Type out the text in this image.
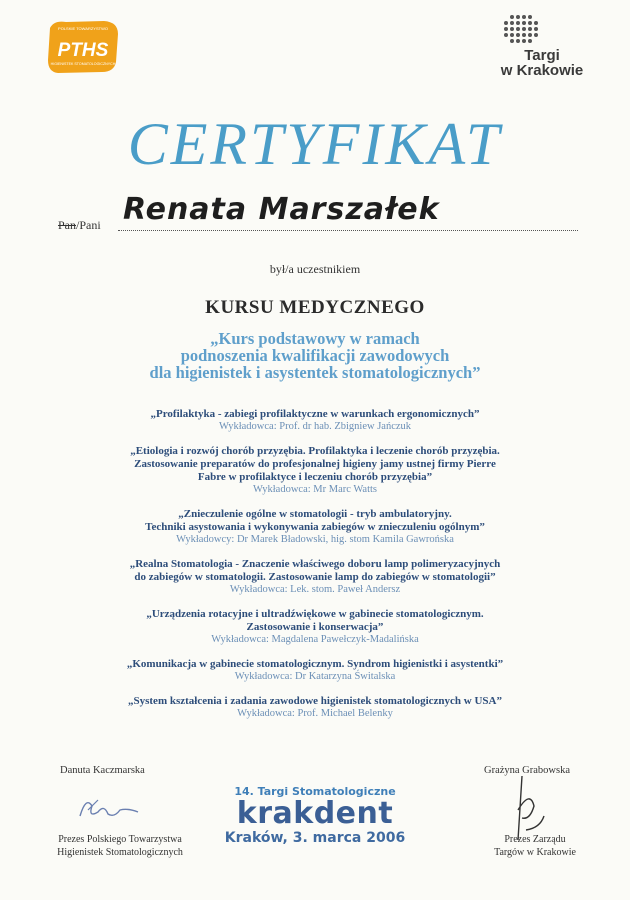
POLSKIE TOWARZYSTWO
PTHS
HIGIENISTEK STOMATOLOGICZNYCH	Targi
w Krakowie
CERTYFIKAT
Pan/Pani Renata Marszałek
był/a uczestnikiem
KURSU MEDYCZNEGO
„Kurs podstawowy w ramach
podnoszenia kwalifikacji zawodowych
dla higienistek i asystentek stomatologicznych”
„Profilaktyka - zabiegi profilaktyczne w warunkach ergonomicznych”
Wykładowca: Prof. dr hab. Zbigniew Jańczuk
„Etiologia i rozwój chorób przyzębia. Profilaktyka i leczenie chorób przyzębia.
Zastosowanie preparatów do profesjonalnej higieny jamy ustnej firmy Pierre
Fabre w profilaktyce i leczeniu chorób przyzębia”
Wykładowca: Mr Marc Watts
„Znieczulenie ogólne w stomatologii - tryb ambulatoryjny.
Techniki asystowania i wykonywania zabiegów w znieczuleniu ogólnym”
Wykładowcy: Dr Marek Bładowski, hig. stom Kamila Gawrońska
„Realna Stomatologia - Znaczenie właściwego doboru lamp polimeryzacyjnych
do zabiegów w stomatologii. Zastosowanie lamp do zabiegów w stomatologii”
Wykładowca: Lek. stom. Paweł Andersz
„Urządzenia rotacyjne i ultradźwiękowe w gabinecie stomatologicznym.
Zastosowanie i konserwacja”
Wykładowca: Magdalena Pawełczyk-Madalińska
„Komunikacja w gabinecie stomatologicznym. Syndrom higienistki i asystentki”
Wykładowca: Dr Katarzyna Świtalska
„System kształcenia i zadania zawodowe higienistek stomatologicznych w USA”
Wykładowca: Prof. Michael Belenky
Danuta Kaczmarska
Prezes Polskiego Towarzystwa
Higienistek Stomatologicznych
Grażyna Grabowska
Prezes Zarządu
Targów w Krakowie
14. Targi Stomatologiczne
krakdent
Kraków, 3. marca 2006
